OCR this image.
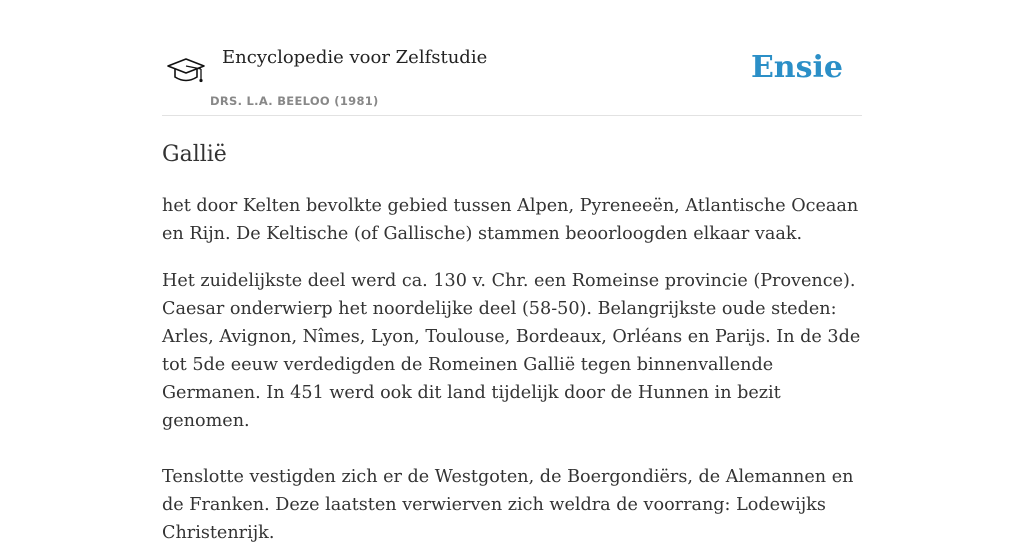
Encyclopedie voor Zelfstudie
DRS. L.A. BEELOO (1981)
Ensie
Gallië

het door Kelten bevolkte gebied tussen Alpen, Pyreneeën, Atlantische Oceaan en Rijn. De Keltische (of Gallische) stammen beoorloogden elkaar vaak.

Het zuidelijkste deel werd ca. 130 v. Chr. een Romeinse provincie (Provence). Caesar onderwierp het noordelijke deel (58-50). Belangrijkste oude steden: Arles, Avignon, Nîmes, Lyon, Toulouse, Bordeaux, Orléans en Parijs. In de 3de tot 5de eeuw verdedigden de Romeinen Gallië tegen binnenvallende Germanen. In 451 werd ook dit land tijdelijk door de Hunnen in bezit genomen.

Tenslotte vestigden zich er de Westgoten, de Boergondiërs, de Alemannen en de Franken. Deze laatsten verwierven zich weldra de voorrang: Lodewijks Christenrijk.
